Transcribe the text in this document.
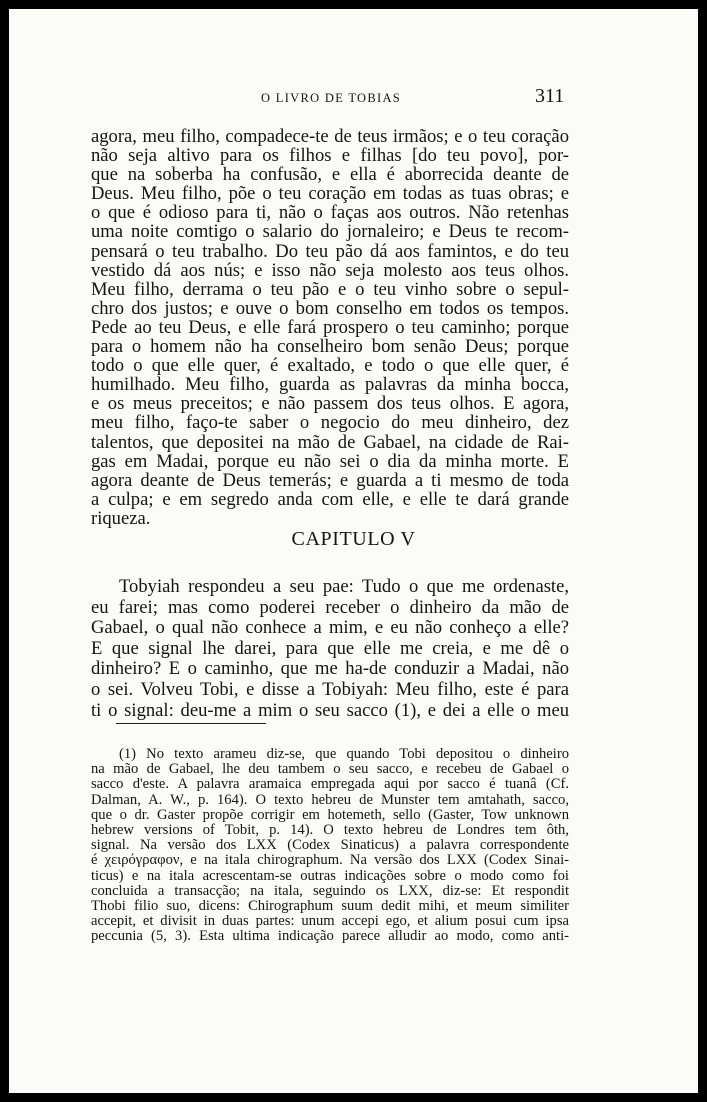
O LIVRO DE TOBIAS	311
agora, meu filho, compadece-te de teus irmãos; e o teu coração
não seja altivo para os filhos e filhas [do teu povo], por-
que na soberba ha confusão, e ella é aborrecida deante de
Deus. Meu filho, põe o teu coração em todas as tuas obras; e
o que é odioso para ti, não o faças aos outros. Não retenhas
uma noite comtigo o salario do jornaleiro; e Deus te recom-
pensará o teu trabalho. Do teu pão dá aos famintos, e do teu
vestido dá aos nús; e isso não seja molesto aos teus olhos.
Meu filho, derrama o teu pão e o teu vinho sobre o sepul-
chro dos justos; e ouve o bom conselho em todos os tempos.
Pede ao teu Deus, e elle fará prospero o teu caminho; porque
para o homem não ha conselheiro bom senão Deus; porque
todo o que elle quer, é exaltado, e todo o que elle quer, é
humilhado. Meu filho, guarda as palavras da minha bocca,
e os meus preceitos; e não passem dos teus olhos. E agora,
meu filho, faço-te saber o negocio do meu dinheiro, dez
talentos, que depositei na mão de Gabael, na cidade de Rai-
gas em Madai, porque eu não sei o dia da minha morte. E
agora deante de Deus temerás; e guarda a ti mesmo de toda
a culpa; e em segredo anda com elle, e elle te dará grande
riqueza.
CAPITULO V
Tobyiah respondeu a seu pae: Tudo o que me ordenaste,
eu farei; mas como poderei receber o dinheiro da mão de
Gabael, o qual não conhece a mim, e eu não conheço a elle?
E que signal lhe darei, para que elle me creia, e me dê o
dinheiro? E o caminho, que me ha-de conduzir a Madai, não
o sei. Volveu Tobi, e disse a Tobiyah: Meu filho, este é para
ti o signal: deu-me a mim o seu sacco (1), e dei a elle o meu
(1) No texto arameu diz-se, que quando Tobi depositou o dinheiro
na mão de Gabael, lhe deu tambem o seu sacco, e recebeu de Gabael o
sacco d'este. A palavra aramaica empregada aqui por sacco é tuanâ (Cf.
Dalman, A. W., p. 164). O texto hebreu de Munster tem amtahath, sacco,
que o dr. Gaster propõe corrigir em hotemeth, sello (Gaster, Tow unknown
hebrew versions of Tobit, p. 14). O texto hebreu de Londres tem ôth,
signal. Na versão dos LXX (Codex Sinaticus) a palavra correspondente
é χειρόγραφον, e na itala chirographum. Na versão dos LXX (Codex Sinai-
ticus) e na itala acrescentam-se outras indicações sobre o modo como foi
concluida a transacção; na itala, seguindo os LXX, diz-se: Et respondit
Thobi filio suo, dicens: Chirographum suum dedit mihi, et meum similiter
accepit, et divisit in duas partes: unum accepi ego, et alium posui cum ipsa
peccunia (5, 3). Esta ultima indicação parece alludir ao modo, como anti-
